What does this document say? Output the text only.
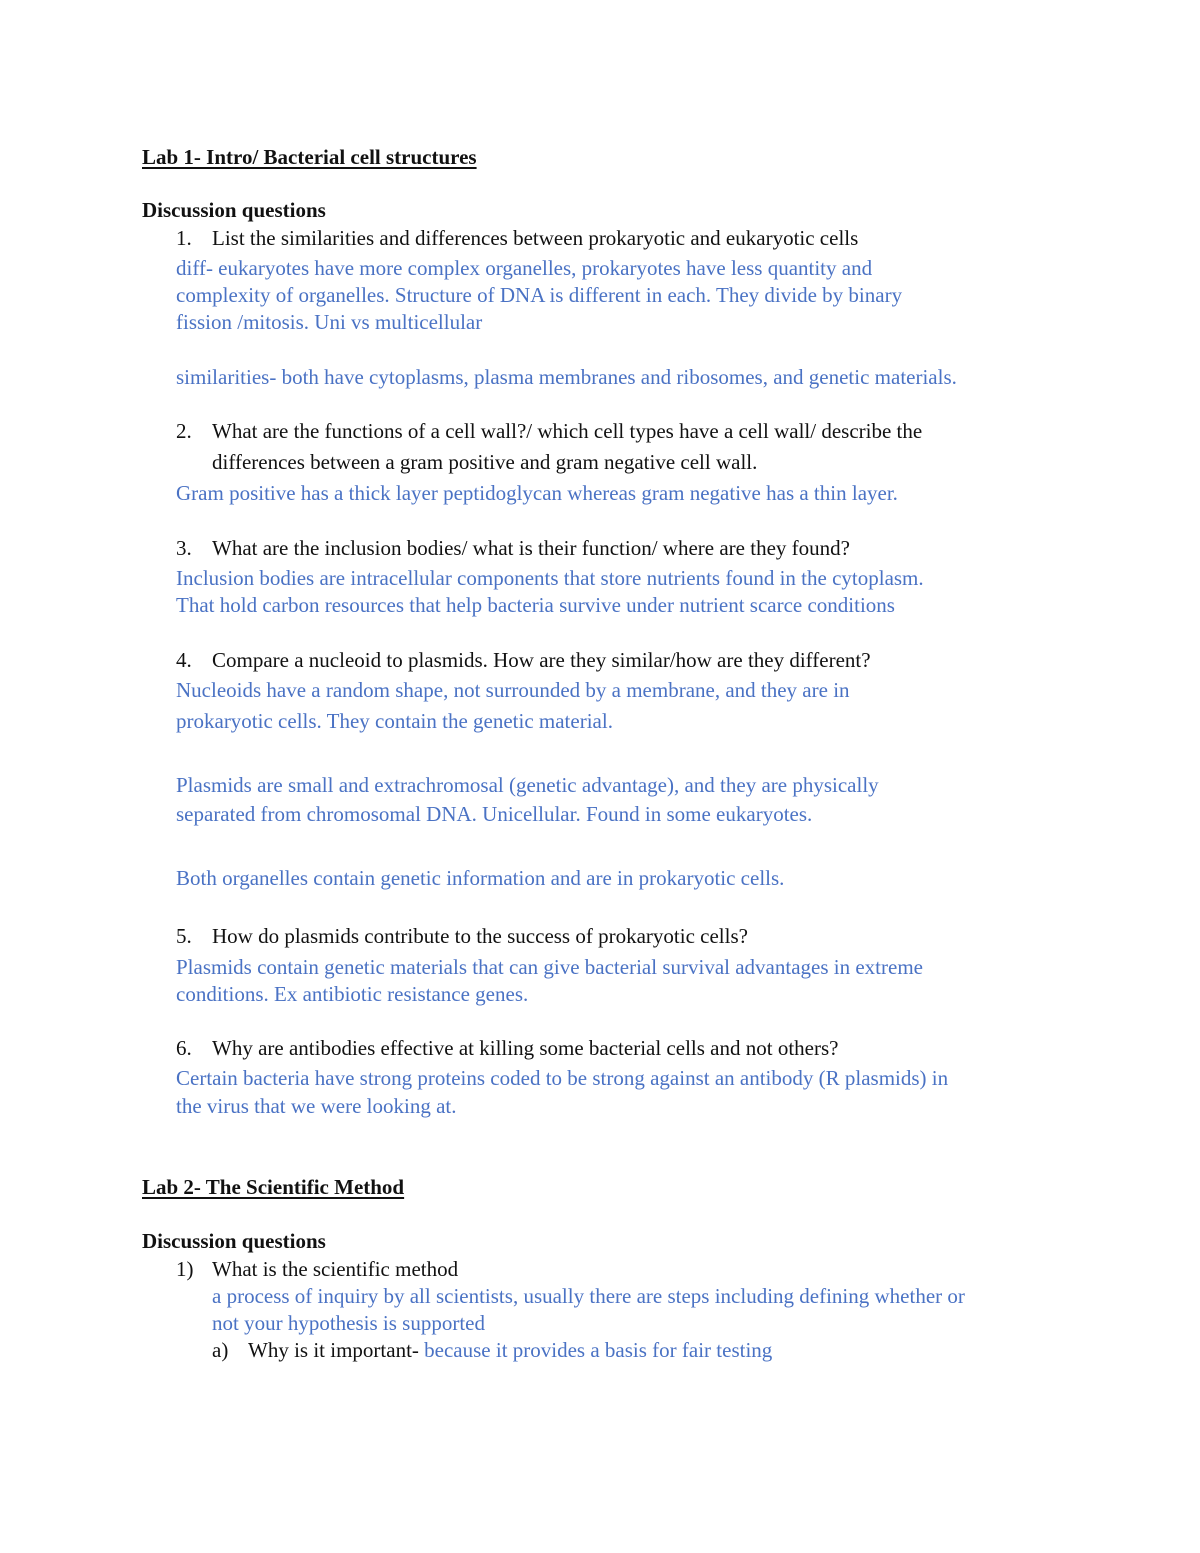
Lab 1- Intro/ Bacterial cell structures
Discussion questions
1. List the similarities and differences between prokaryotic and eukaryotic cells
diff- eukaryotes have more complex organelles, prokaryotes have less quantity and
complexity of organelles. Structure of DNA is different in each. They divide by binary
fission /mitosis. Uni vs multicellular
similarities- both have cytoplasms, plasma membranes and ribosomes, and genetic materials.
2. What are the functions of a cell wall?/ which cell types have a cell wall/ describe the
differences between a gram positive and gram negative cell wall.
Gram positive has a thick layer peptidoglycan whereas gram negative has a thin layer.
3. What are the inclusion bodies/ what is their function/ where are they found?
Inclusion bodies are intracellular components that store nutrients found in the cytoplasm.
That hold carbon resources that help bacteria survive under nutrient scarce conditions
4. Compare a nucleoid to plasmids. How are they similar/how are they different?
Nucleoids have a random shape, not surrounded by a membrane, and they are in
prokaryotic cells. They contain the genetic material.
Plasmids are small and extrachromosal (genetic advantage), and they are physically
separated from chromosomal DNA. Unicellular. Found in some eukaryotes.
Both organelles contain genetic information and are in prokaryotic cells.
5. How do plasmids contribute to the success of prokaryotic cells?
Plasmids contain genetic materials that can give bacterial survival advantages in extreme
conditions. Ex antibiotic resistance genes.
6. Why are antibodies effective at killing some bacterial cells and not others?
Certain bacteria have strong proteins coded to be strong against an antibody (R plasmids) in
the virus that we were looking at.
Lab 2- The Scientific Method
Discussion questions
1) What is the scientific method
a process of inquiry by all scientists, usually there are steps including defining whether or
not your hypothesis is supported
a) Why is it important- because it provides a basis for fair testing
